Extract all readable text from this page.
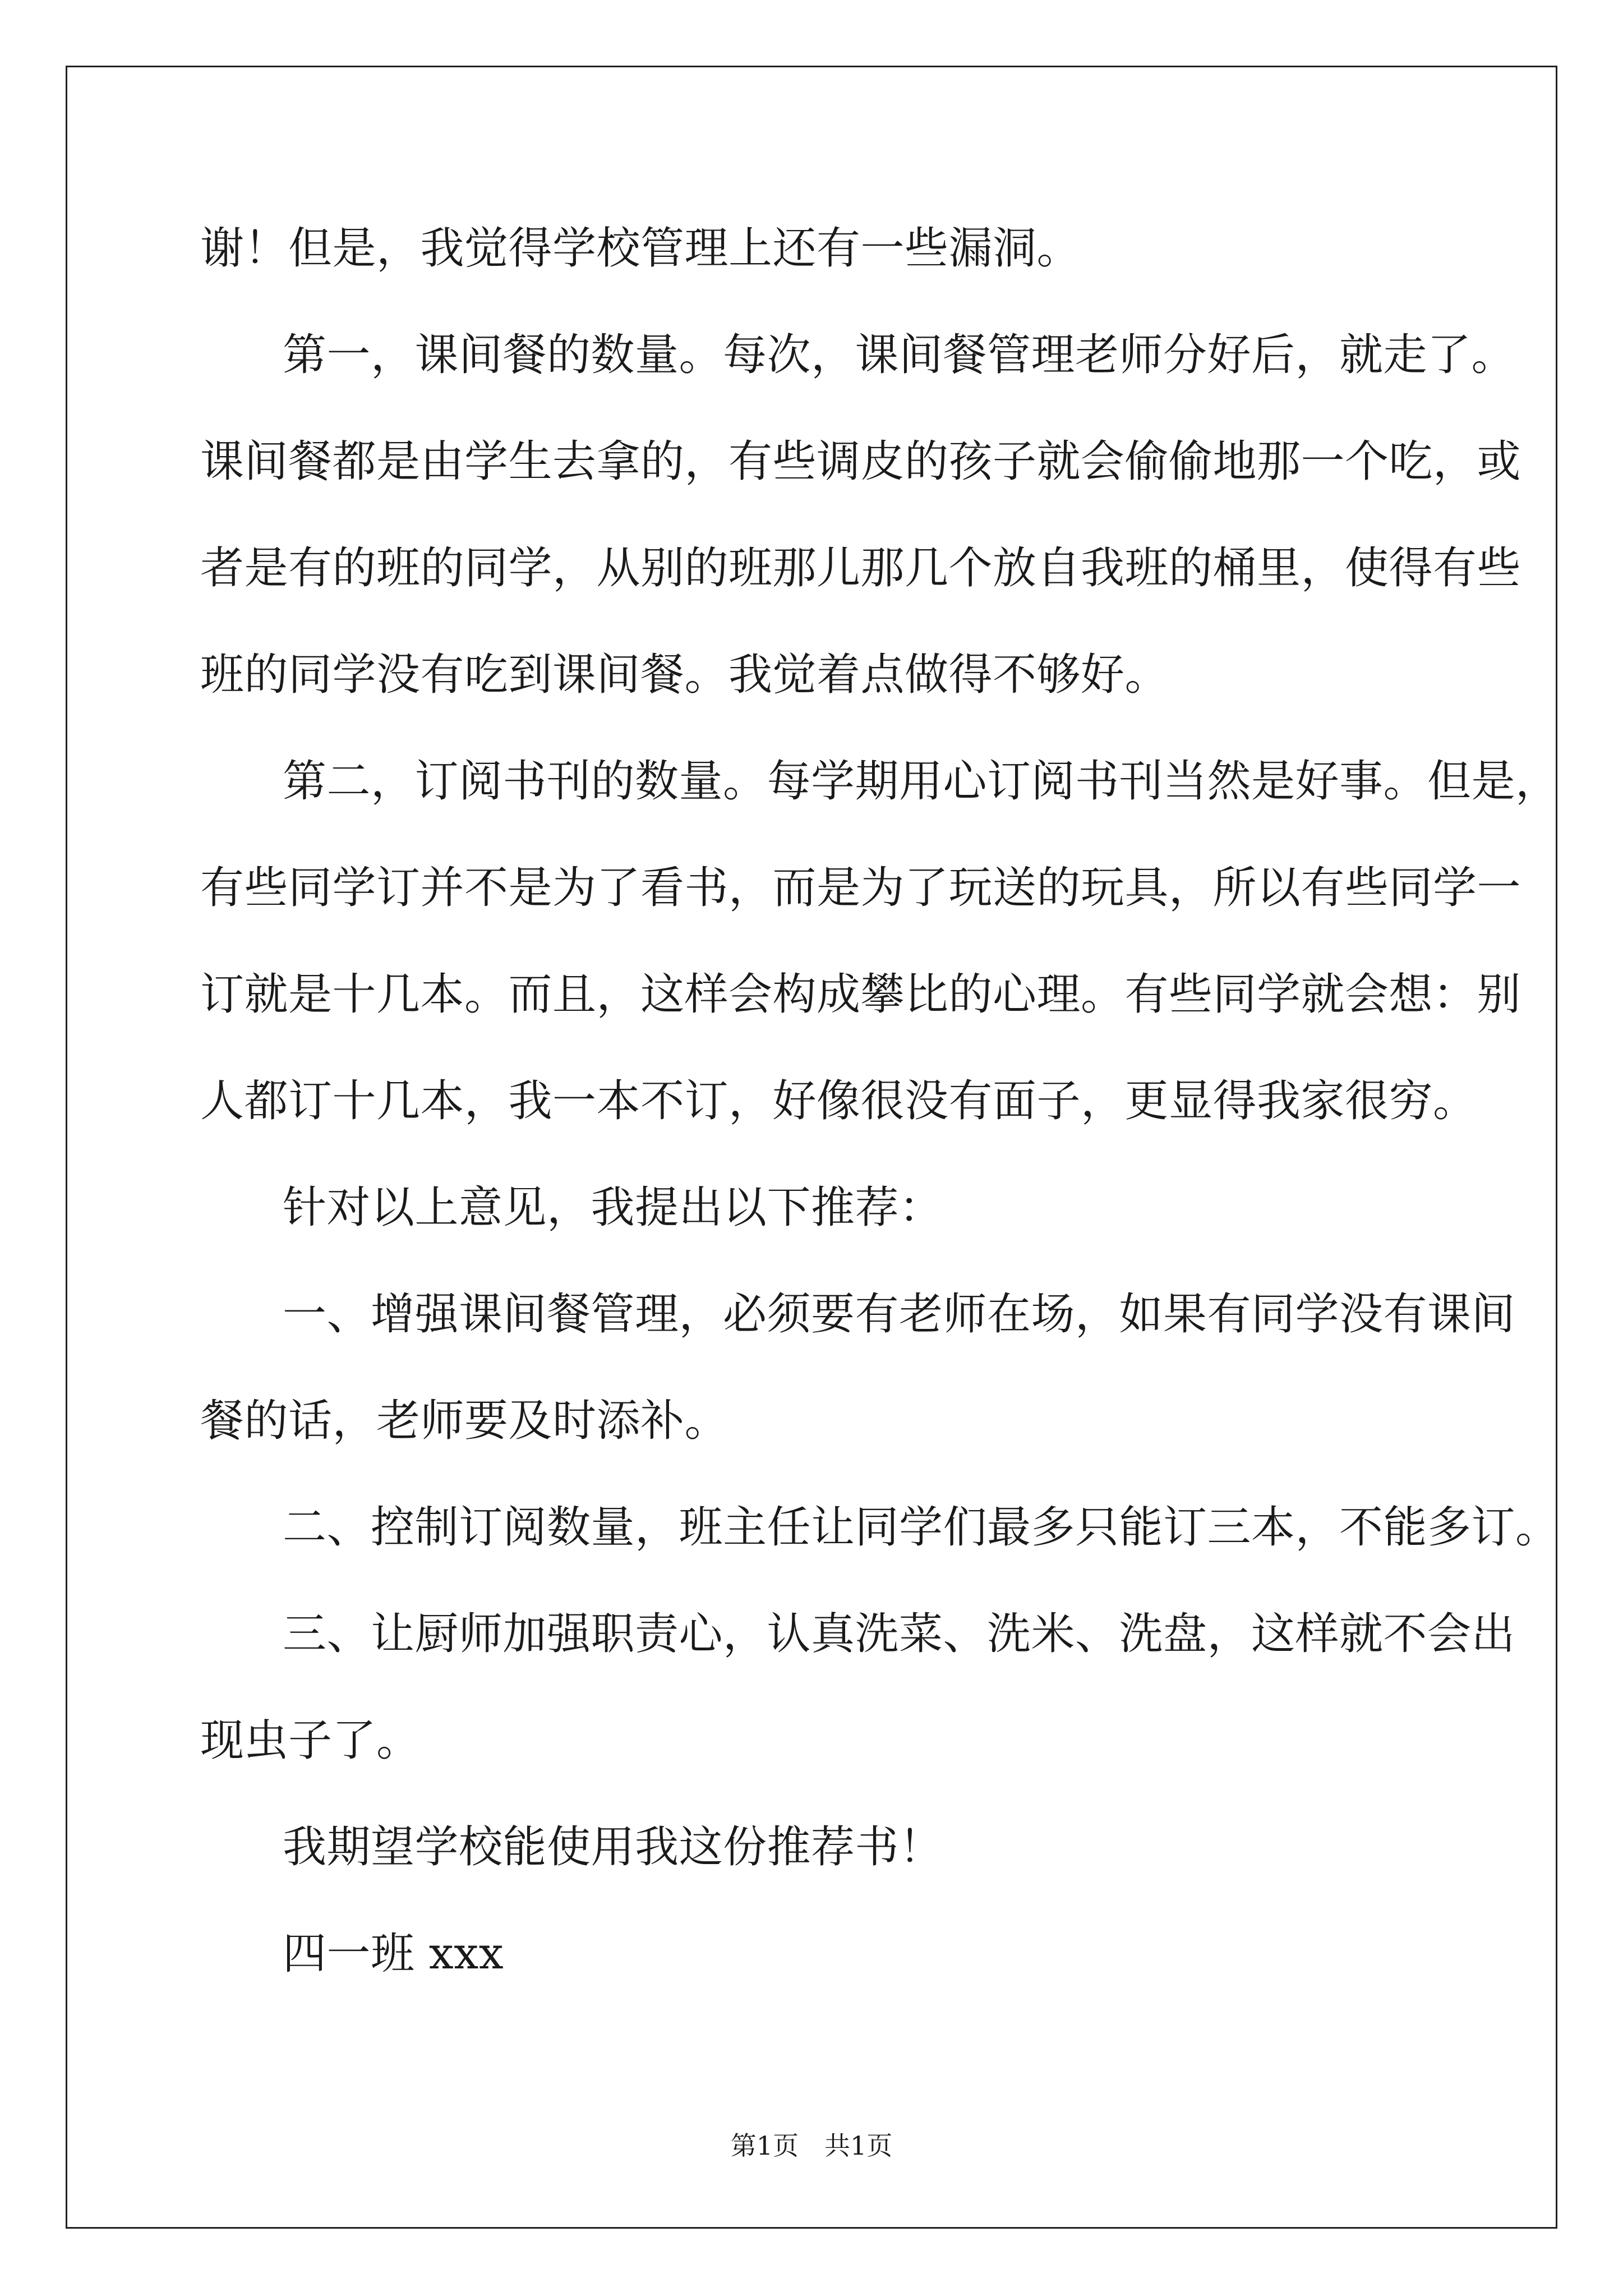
谢！但是，我觉得学校管理上还有一些漏洞。

第一，课间餐的数量。每次，课间餐管理老师分好后，就走了。

课间餐都是由学生去拿的，有些调皮的孩子就会偷偷地那一个吃，或

者是有的班的同学，从别的班那儿那几个放自我班的桶里，使得有些

班的同学没有吃到课间餐。我觉着点做得不够好。

第二，订阅书刊的数量。每学期用心订阅书刊当然是好事。但是，

有些同学订并不是为了看书，而是为了玩送的玩具，所以有些同学一

订就是十几本。而且，这样会构成攀比的心理。有些同学就会想：别

人都订十几本，我一本不订，好像很没有面子，更显得我家很穷。

针对以上意见，我提出以下推荐：

一、增强课间餐管理，必须要有老师在场，如果有同学没有课间

餐的话，老师要及时添补。

二、控制订阅数量，班主任让同学们最多只能订三本，不能多订。

三、让厨师加强职责心，认真洗菜、洗米、洗盘，这样就不会出

现虫子了。

我期望学校能使用我这份推荐书！

四一班 xxx

第1页　共1页
